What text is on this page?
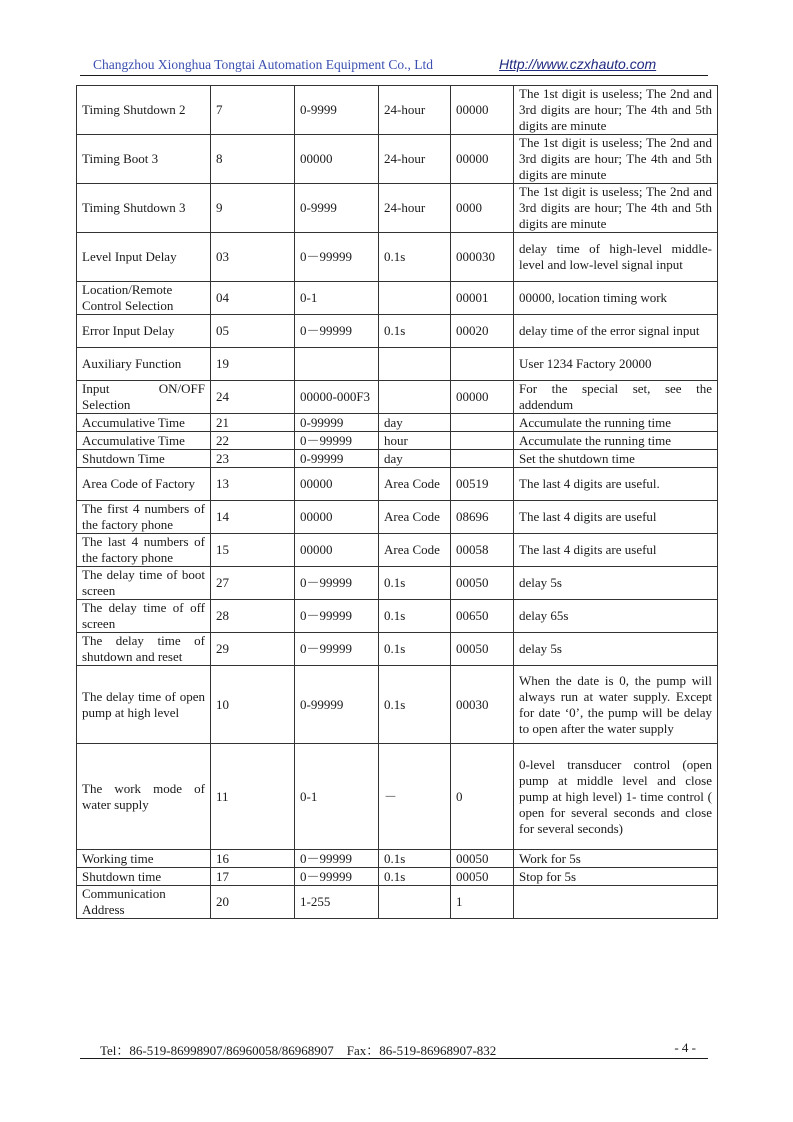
Changzhou Xionghua Tongtai Automation Equipment Co., Ltd	Http://www.czxhauto.com
Timing Shutdown 2	7	0-9999	24-hour	00000	The 1st digit is useless; The 2nd and 3rd digits are hour; The 4th and 5th digits are minute
Timing Boot 3	8	00000	24-hour	00000	The 1st digit is useless; The 2nd and 3rd digits are hour; The 4th and 5th digits are minute
Timing Shutdown 3	9	0-9999	24-hour	0000	The 1st digit is useless; The 2nd and 3rd digits are hour; The 4th and 5th digits are minute
Level Input Delay	03	0－99999	0.1s	000030	delay time of high-level middle-level and low-level signal input
Location/Remote Control Selection	04	0-1		00001	00000, location timing work
Error Input Delay	05	0－99999	0.1s	00020	delay time of the error signal input
Auxiliary Function	19				User 1234 Factory 20000
Input ON/OFF Selection	24	00000-000F3		00000	For the special set, see the addendum
Accumulative Time	21	0-99999	day		Accumulate the running time
Accumulative Time	22	0－99999	hour		Accumulate the running time
Shutdown Time	23	0-99999	day		Set the shutdown time
Area Code of Factory	13	00000	Area Code	00519	The last 4 digits are useful.
The first 4 numbers of the factory phone	14	00000	Area Code	08696	The last 4 digits are useful
The last 4 numbers of the factory phone	15	00000	Area Code	00058	The last 4 digits are useful
The delay time of boot screen	27	0－99999	0.1s	00050	delay 5s
The delay time of off screen	28	0－99999	0.1s	00650	delay 65s
The delay time of shutdown and reset	29	0－99999	0.1s	00050	delay 5s
The delay time of open pump at high level	10	0-99999	0.1s	00030	When the date is 0, the pump will always run at water supply. Except for date ‘0’, the pump will be delay to open after the water supply
The work mode of water supply	11	0-1	－	0	0-level transducer control (open pump at middle level and close pump at high level) 1- time control ( open for several seconds and close for several seconds)
Working time	16	0－99999	0.1s	00050	Work for 5s
Shutdown time	17	0－99999	0.1s	00050	Stop for 5s
Communication Address	20	1-255		1	
Tel：86-519-86998907/86960058/86968907　Fax：86-519-86968907-832	- 4 -
